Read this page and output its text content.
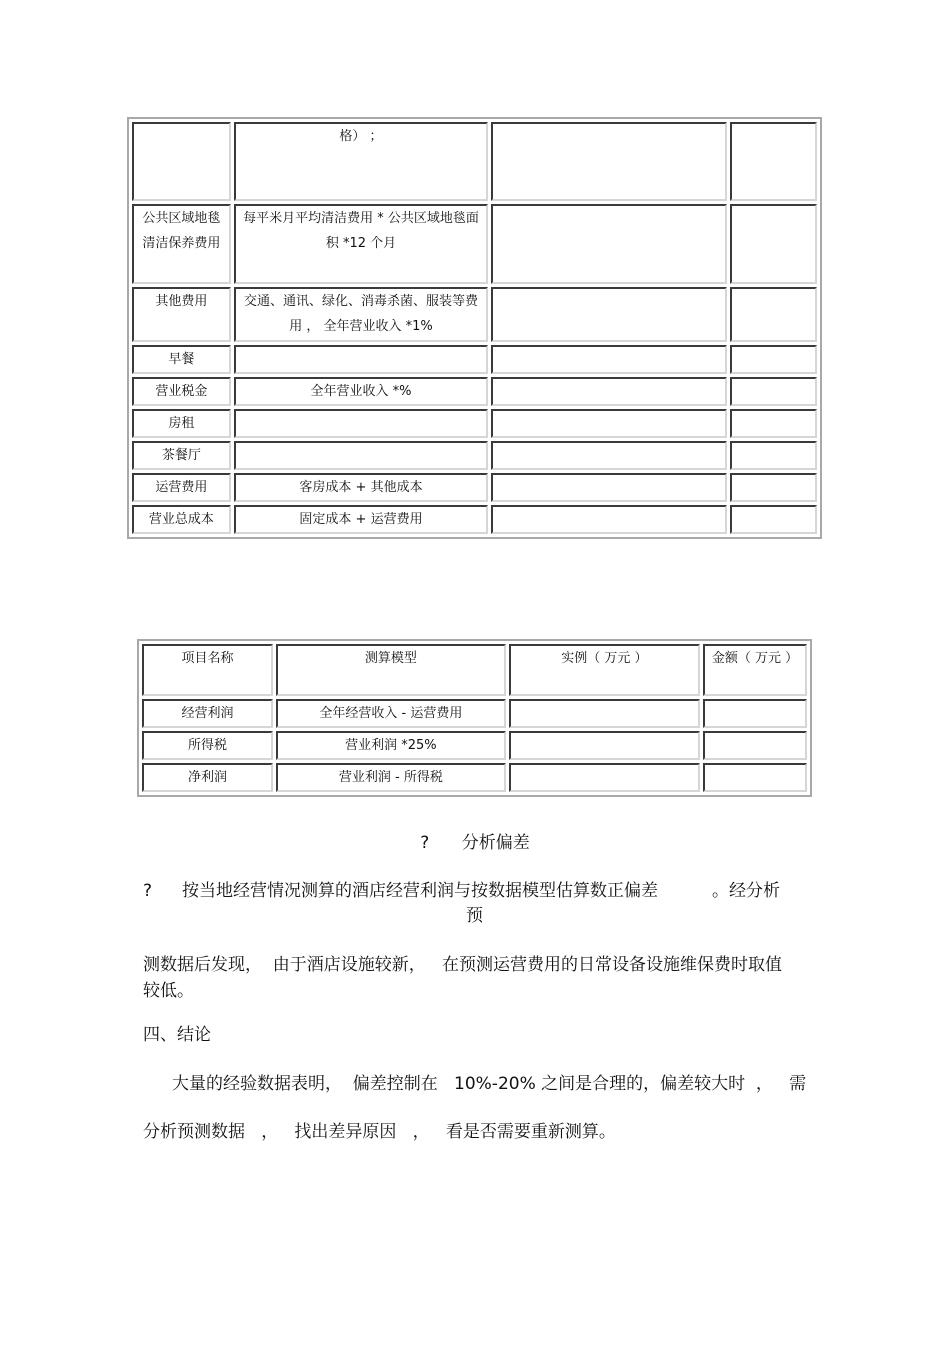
	格） ；		
公共区域地毯清洁保养费用	每平米月平均清洁费用 * 公共区域地毯面积 *12 个月		
其他费用	交通、通讯、绿化、消毒杀菌、服装等费用 ， 全年营业收入 *1%		
早餐			
营业税金	全年营业收入 *%		
房租			
茶餐厅			
运营费用	客房成本 + 其他成本		
营业总成本	固定成本 + 运营费用		
项目名称	测算模型	实例（ 万元 ）	金额（ 万元 ）
经营利润	全年经营收入 - 运营费用		
所得税	营业利润 *25%		
净利润	营业利润 - 所得税		
?      分析偏差
? 按当地经营情况测算的酒店经营利润与按数据模型估算数正偏差          。经分析
预
测数据后发现，  由于酒店设施较新，   在预测运营费用的日常设备设施维保费时取值较低。
四、结论
大量的经验数据表明，  偏差控制在   10%-20% 之间是合理的，偏差较大时  ，   需
分析预测数据   ，   找出差异原因   ，   看是否需要重新测算。
